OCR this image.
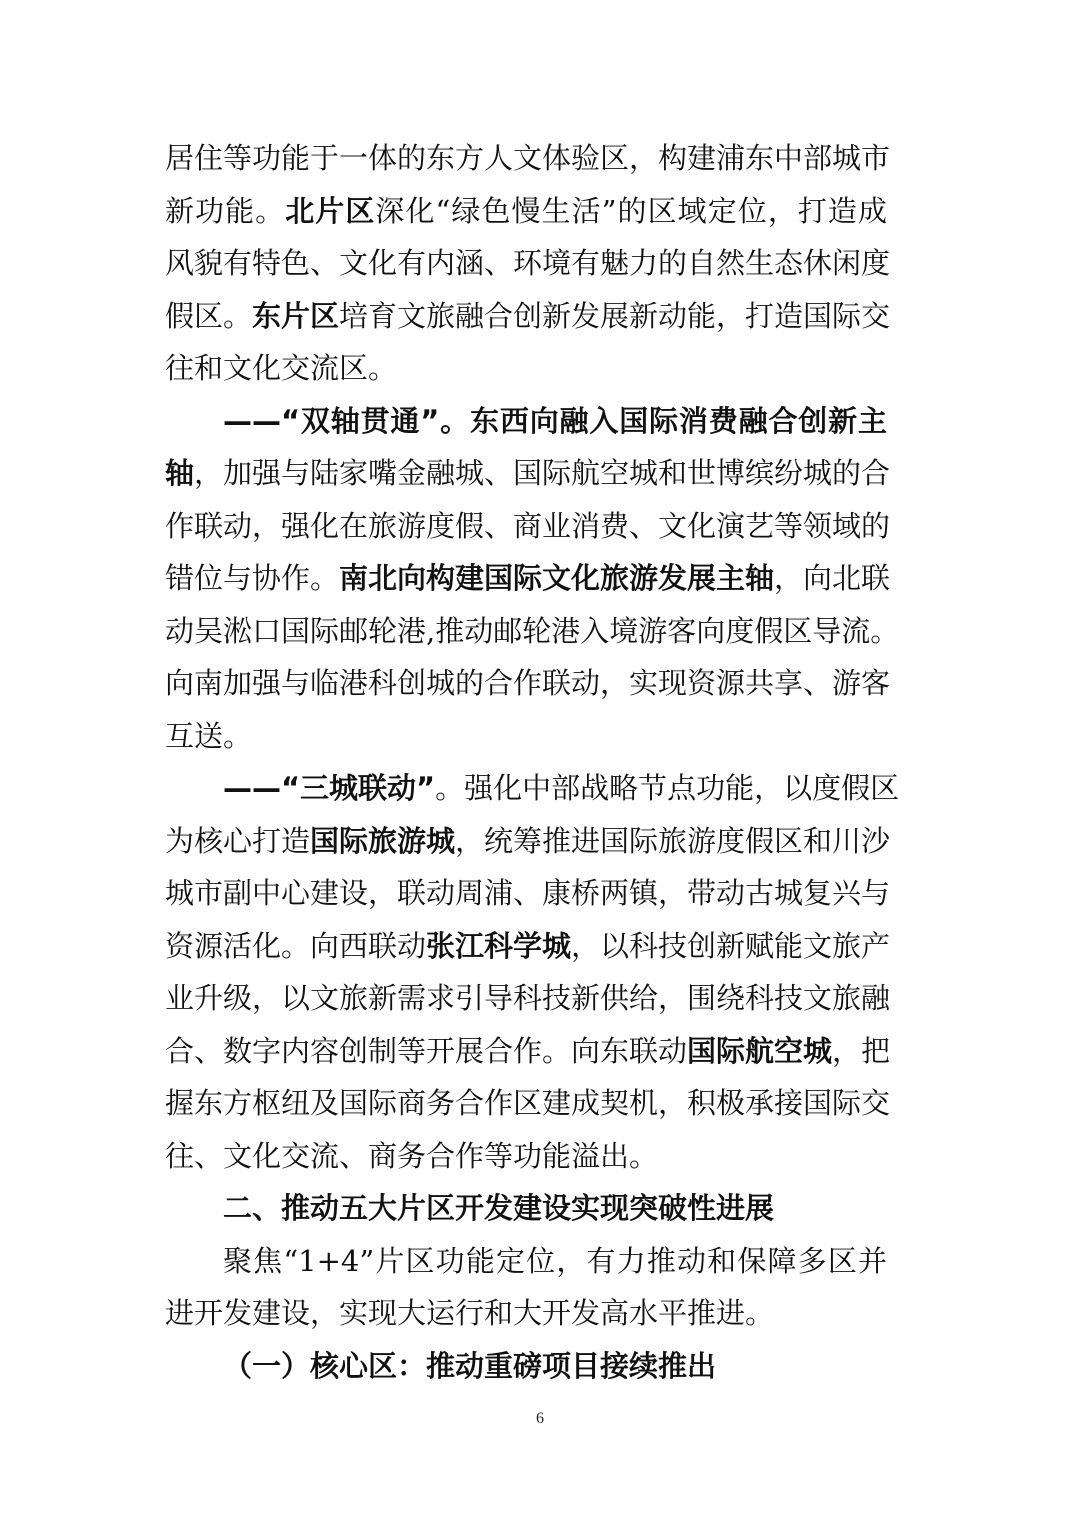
居住等功能于一体的东方人文体验区，构建浦东中部城市
新功能。北片区深化“绿色慢生活”的区域定位，打造成
风貌有特色、文化有内涵、环境有魅力的自然生态休闲度
假区。东片区培育文旅融合创新发展新动能，打造国际交
往和文化交流区。
——“双轴贯通”。东西向融入国际消费融合创新主
轴，加强与陆家嘴金融城、国际航空城和世博缤纷城的合
作联动，强化在旅游度假、商业消费、文化演艺等领域的
错位与协作。南北向构建国际文化旅游发展主轴，向北联
动吴淞口国际邮轮港,推动邮轮港入境游客向度假区导流。
向南加强与临港科创城的合作联动，实现资源共享、游客
互送。
——“三城联动”。强化中部战略节点功能，以度假区
为核心打造国际旅游城，统筹推进国际旅游度假区和川沙
城市副中心建设，联动周浦、康桥两镇，带动古城复兴与
资源活化。向西联动张江科学城，以科技创新赋能文旅产
业升级，以文旅新需求引导科技新供给，围绕科技文旅融
合、数字内容创制等开展合作。向东联动国际航空城，把
握东方枢纽及国际商务合作区建成契机，积极承接国际交
往、文化交流、商务合作等功能溢出。
二、推动五大片区开发建设实现突破性进展
聚焦“1+4”片区功能定位，有力推动和保障多区并
进开发建设，实现大运行和大开发高水平推进。
（一）核心区：推动重磅项目接续推出
6
